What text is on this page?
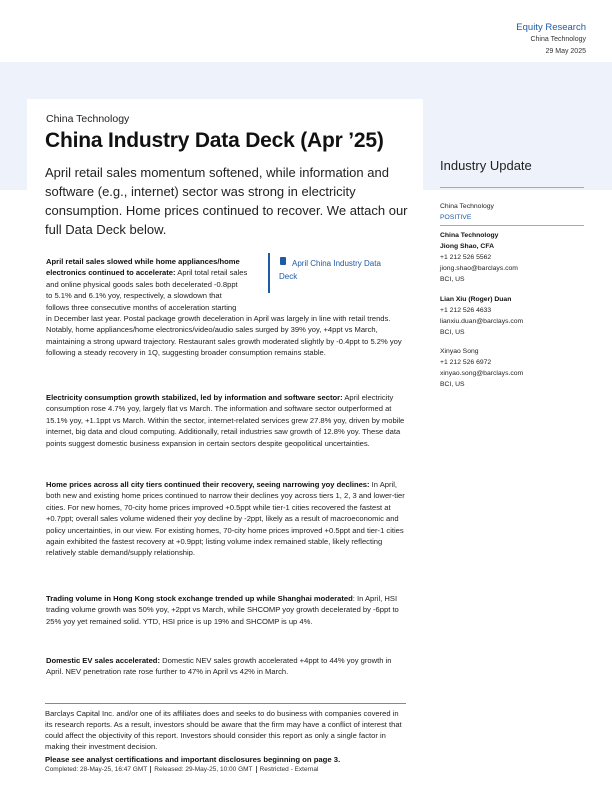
Equity Research
China Technology
29 May 2025
China Technology
China Industry Data Deck (Apr ’25)
April retail sales momentum softened, while information and software (e.g., internet) sector was strong in electricity consumption. Home prices continued to recover. We attach our full Data Deck below.
April China Industry Data Deck
April retail sales slowed while home appliances/home electronics continued to accelerate: April total retail sales
and online physical goods sales both decelerated -0.8ppt
to 5.1% and 6.1% yoy, respectively, a slowdown that
follows three consecutive months of acceleration starting
in December last year. Postal package growth deceleration in April was largely in line with retail trends. Notably, home appliances/home electronics/video/audio sales surged by 39% yoy, +4ppt vs March, maintaining a strong upward trajectory. Restaurant sales growth moderated slightly by -0.4ppt to 5.2% yoy following a steady recovery in 1Q, suggesting broader consumption remains stable.
Electricity consumption growth stabilized, led by information and software sector: April electricity consumption rose 4.7% yoy, largely flat vs March. The information and software sector outperformed at 15.1% yoy, +1.1ppt vs March. Within the sector, internet-related services grew 27.8% yoy, driven by mobile internet, big data and cloud computing. Additionally, retail industries saw growth of 12.8% yoy. These data points suggest domestic business expansion in certain sectors despite geopolitical uncertainties.
Home prices across all city tiers continued their recovery, seeing narrowing yoy declines: In April, both new and existing home prices continued to narrow their declines yoy across tiers 1, 2, 3 and lower-tier cities. For new homes, 70-city home prices improved +0.5ppt while tier-1 cities recovered the fastest at +0.7ppt; overall sales volume widened their yoy decline by -2ppt, likely as a result of macroeconomic and policy uncertainties, in our view. For existing homes, 70-city home prices improved +0.5ppt and tier-1 cities again exhibited the fastest recovery at +0.9ppt; listing volume index remained stable, likely reflecting relatively stable demand/supply relationship.
Trading volume in Hong Kong stock exchange trended up while Shanghai moderated: In April, HSI trading volume growth was 50% yoy, +2ppt vs March, while SHCOMP yoy growth decelerated by -6ppt to 25% yoy yet remained solid. YTD, HSI price is up 19% and SHCOMP is up 4%.
Domestic EV sales accelerated: Domestic NEV sales growth accelerated +4ppt to 44% yoy growth in April. NEV penetration rate rose further to 47% in April vs 42% in March.
Barclays Capital Inc. and/or one of its affiliates does and seeks to do business with companies covered in its research reports. As a result, investors should be aware that the firm may have a conflict of interest that could affect the objectivity of this report. Investors should consider this report as only a single factor in making their investment decision.
Please see analyst certifications and important disclosures beginning on page 3.
Completed: 28-May-25, 16:47 GMT Released: 29-May-25, 10:00 GMT Restricted - External
Industry Update
China Technology
POSITIVE
China Technology
Jiong Shao, CFA
+1 212 526 5562
jiong.shao@barclays.com
BCI, US
Lian Xiu (Roger) Duan
+1 212 526 4633
lianxiu.duan@barclays.com
BCI, US
Xinyao Song
+1 212 526 6972
xinyao.song@barclays.com
BCI, US
